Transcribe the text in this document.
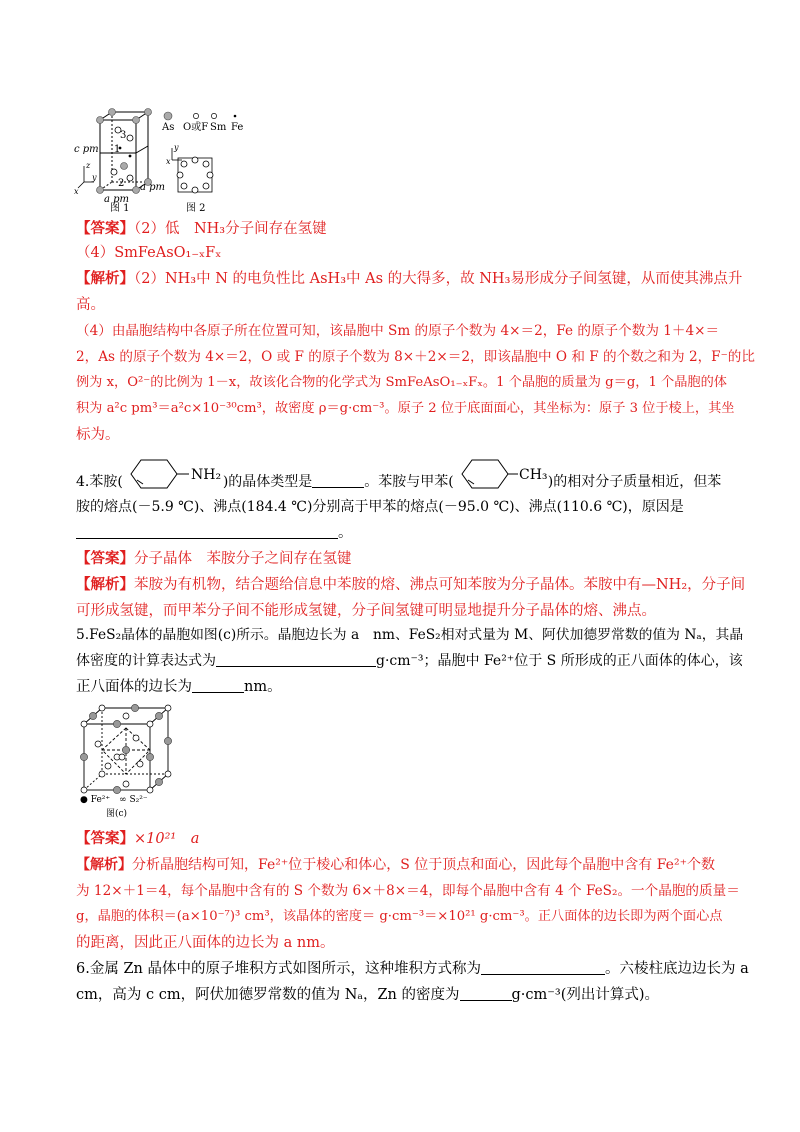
3
1
2
c pm
a pm
a pm
z
y
x
图 1
As O或F Sm Fe
y
x
图 2
【答案】（2）低　NH₃分子间存在氢键
（4）SmFeAsO₁₋ₓFₓ
【解析】（2）NH₃中 N 的电负性比 AsH₃中 As 的大得多，故 NH₃易形成分子间氢键，从而使其沸点升
高。
（4）由晶胞结构中各原子所在位置可知，该晶胞中 Sm 的原子个数为 4×＝2，Fe 的原子个数为 1＋4×＝
2，As 的原子个数为 4×＝2，O 或 F 的原子个数为 8×＋2×＝2，即该晶胞中 O 和 F 的个数之和为 2，F⁻的比
例为 x，O²⁻的比例为 1－x，故该化合物的化学式为 SmFeAsO₁₋ₓFₓ。1 个晶胞的质量为 g＝g，1 个晶胞的体
积为 a²c pm³＝a²c×10⁻³⁰cm³，故密度 ρ＝g·cm⁻³。原子 2 位于底面面心，其坐标为：原子 3 位于棱上，其坐
标为。
4.苯胺(	NH₂ )的晶体类型是	。苯胺与甲苯(	CH₃ )的相对分子质量相近，但苯
胺的熔点(－5.9 ℃)、沸点(184.4 ℃)分别高于甲苯的熔点(－95.0 ℃)、沸点(110.6 ℃)，原因是
。
【答案】分子晶体　苯胺分子之间存在氢键
【解析】苯胺为有机物，结合题给信息中苯胺的熔、沸点可知苯胺为分子晶体。苯胺中有—NH₂，分子间
可形成氢键，而甲苯分子间不能形成氢键，分子间氢键可明显地提升分子晶体的熔、沸点。
5.FeS₂晶体的晶胞如图(c)所示。晶胞边长为 a　nm、FeS₂相对式量为 M、阿伏加德罗常数的值为 Nₐ，其晶
体密度的计算表达式为	g·cm⁻³；晶胞中 Fe²⁺位于 S 所形成的正八面体的体心，该
正八面体的边长为	nm。
● Fe²⁺　∞ S₂²⁻
图(c)
【答案】×10²¹　a
【解析】分析晶胞结构可知，Fe²⁺位于棱心和体心，S 位于顶点和面心，因此每个晶胞中含有 Fe²⁺个数
为 12×＋1＝4，每个晶胞中含有的 S 个数为 6×＋8×＝4，即每个晶胞中含有 4 个 FeS₂。一个晶胞的质量＝
g，晶胞的体积＝(a×10⁻⁷)³ cm³，该晶体的密度＝ g·cm⁻³＝×10²¹ g·cm⁻³。正八面体的边长即为两个面心点
的距离，因此正八面体的边长为 a nm。
6.金属 Zn 晶体中的原子堆积方式如图所示，这种堆积方式称为	。六棱柱底边边长为 a
cm，高为 c cm，阿伏加德罗常数的值为 Nₐ，Zn 的密度为	g·cm⁻³(列出计算式)。
